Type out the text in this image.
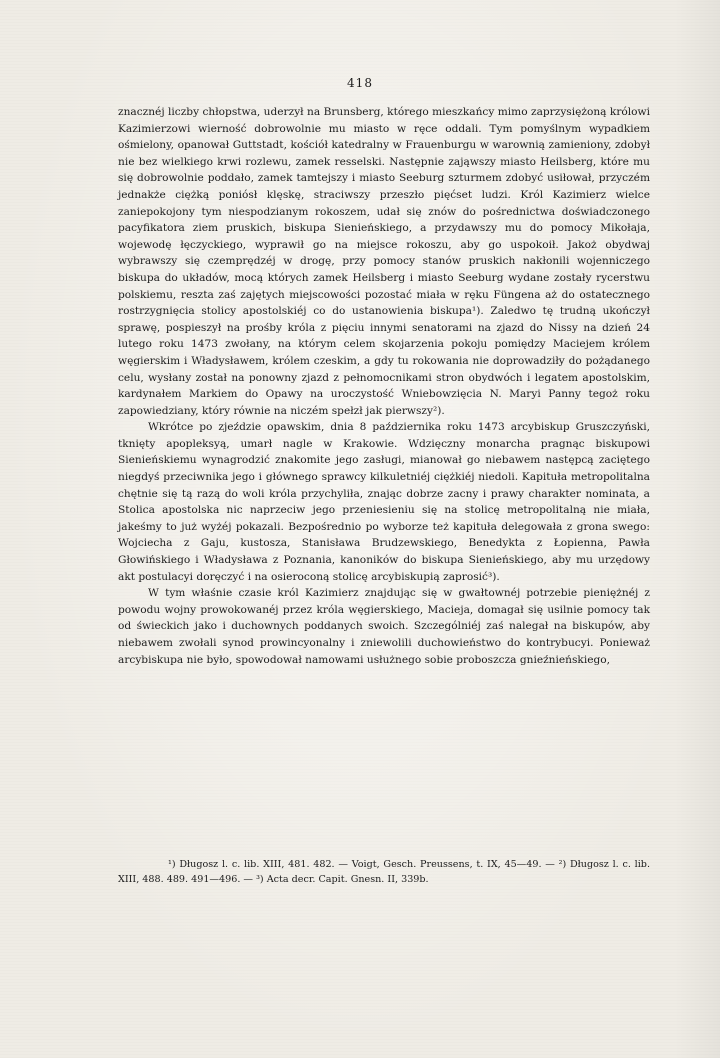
418

znacznéj liczby chłopstwa, uderzył na Brunsberg, którego mieszkańcy mimo zaprzysiężoną królowi Kazimierzowi wierność dobrowolnie mu miasto w ręce oddali. Tym pomyślnym wypadkiem ośmielony, opanował Guttstadt, kościół katedralny w Frauenburgu w warownią zamieniony, zdobył nie bez wielkiego krwi rozlewu, zamek resselski. Następnie zająwszy miasto Heilsberg, które mu się dobrowolnie poddało, zamek tamtejszy i miasto Seeburg szturmem zdobyć usiłował, przyczém jednakże ciężką poniósł klęskę, straciwszy przeszło pięćset ludzi. Król Kazimierz wielce zaniepokojony tym niespodzianym rokoszem, udał się znów do pośrednictwa doświadczonego pacyfikatora ziem pruskich, biskupa Sienieńskiego, a przydawszy mu do pomocy Mikołaja, wojewodę łęczyckiego, wyprawił go na miejsce rokoszu, aby go uspokoił. Jakoż obydwaj wybrawszy się czemprędzéj w drogę, przy pomocy stanów pruskich nakłonili wojenniczego biskupa do układów, mocą których zamek Heilsberg i miasto Seeburg wydane zostały rycerstwu polskiemu, reszta zaś zajętych miejscowości pozostać miała w ręku Füngena aż do ostatecznego rostrzygnięcia stolicy apostolskiéj co do ustanowienia biskupa¹). Zaledwo tę trudną ukończył sprawę, pospieszył na prośby króla z pięciu innymi senatorami na zjazd do Nissy na dzień 24 lutego roku 1473 zwołany, na którym celem skojarzenia pokoju pomiędzy Maciejem królem węgierskim i Władysławem, królem czeskim, a gdy tu rokowania nie doprowadziły do pożądanego celu, wysłany został na ponowny zjazd z pełnomocnikami stron obydwóch i legatem apostolskim, kardynałem Markiem do Opawy na uroczystość Wniebowzięcia N. Maryi Panny tegoż roku zapowiedziany, który równie na niczém spełzł jak pierwszy²).

Wkrótce po zjeździe opawskim, dnia 8 października roku 1473 arcybiskup Gruszczyński, tknięty apopleksyą, umarł nagle w Krakowie. Wdzięczny monarcha pragnąc biskupowi Sienieńskiemu wynagrodzić znakomite jego zasługi, mianował go niebawem następcą zaciętego niegdyś przeciwnika jego i głównego sprawcy kilkuletniéj ciężkiéj niedoli. Kapituła metropolitalna chętnie się tą razą do woli króla przychyliła, znając dobrze zacny i prawy charakter nominata, a Stolica apostolska nic naprzeciw jego przeniesieniu się na stolicę metropolitalną nie miała, jakeśmy to już wyżéj pokazali. Bezpośrednio po wyborze też kapituła delegowała z grona swego: Wojciecha z Gaju, kustosza, Stanisława Brudzewskiego, Benedykta z Łopienna, Pawła Głowińskiego i Władysława z Poznania, kanoników do biskupa Sienieńskiego, aby mu urzędowy akt postulacyi doręczyć i na osieroconą stolicę arcybiskupią zaprosić³).

W tym właśnie czasie król Kazimierz znajdując się w gwałtownéj potrzebie pieniężnéj z powodu wojny prowokowanéj przez króla węgierskiego, Macieja, domagał się usilnie pomocy tak od świeckich jako i duchownych poddanych swoich. Szczególniéj zaś nalegał na biskupów, aby niebawem zwołali synod prowincyonalny i zniewolili duchowieństwo do kontrybucyi. Ponieważ arcybiskupa nie było, spowodował namowami usłużnego sobie proboszcza gnieźnieńskiego,

¹) Długosz l. c. lib. XIII, 481. 482. — Voigt, Gesch. Preussens, t. IX, 45—49. — ²) Długosz l. c. lib. XIII, 488. 489. 491—496. — ³) Acta decr. Capit. Gnesn. II, 339b.
